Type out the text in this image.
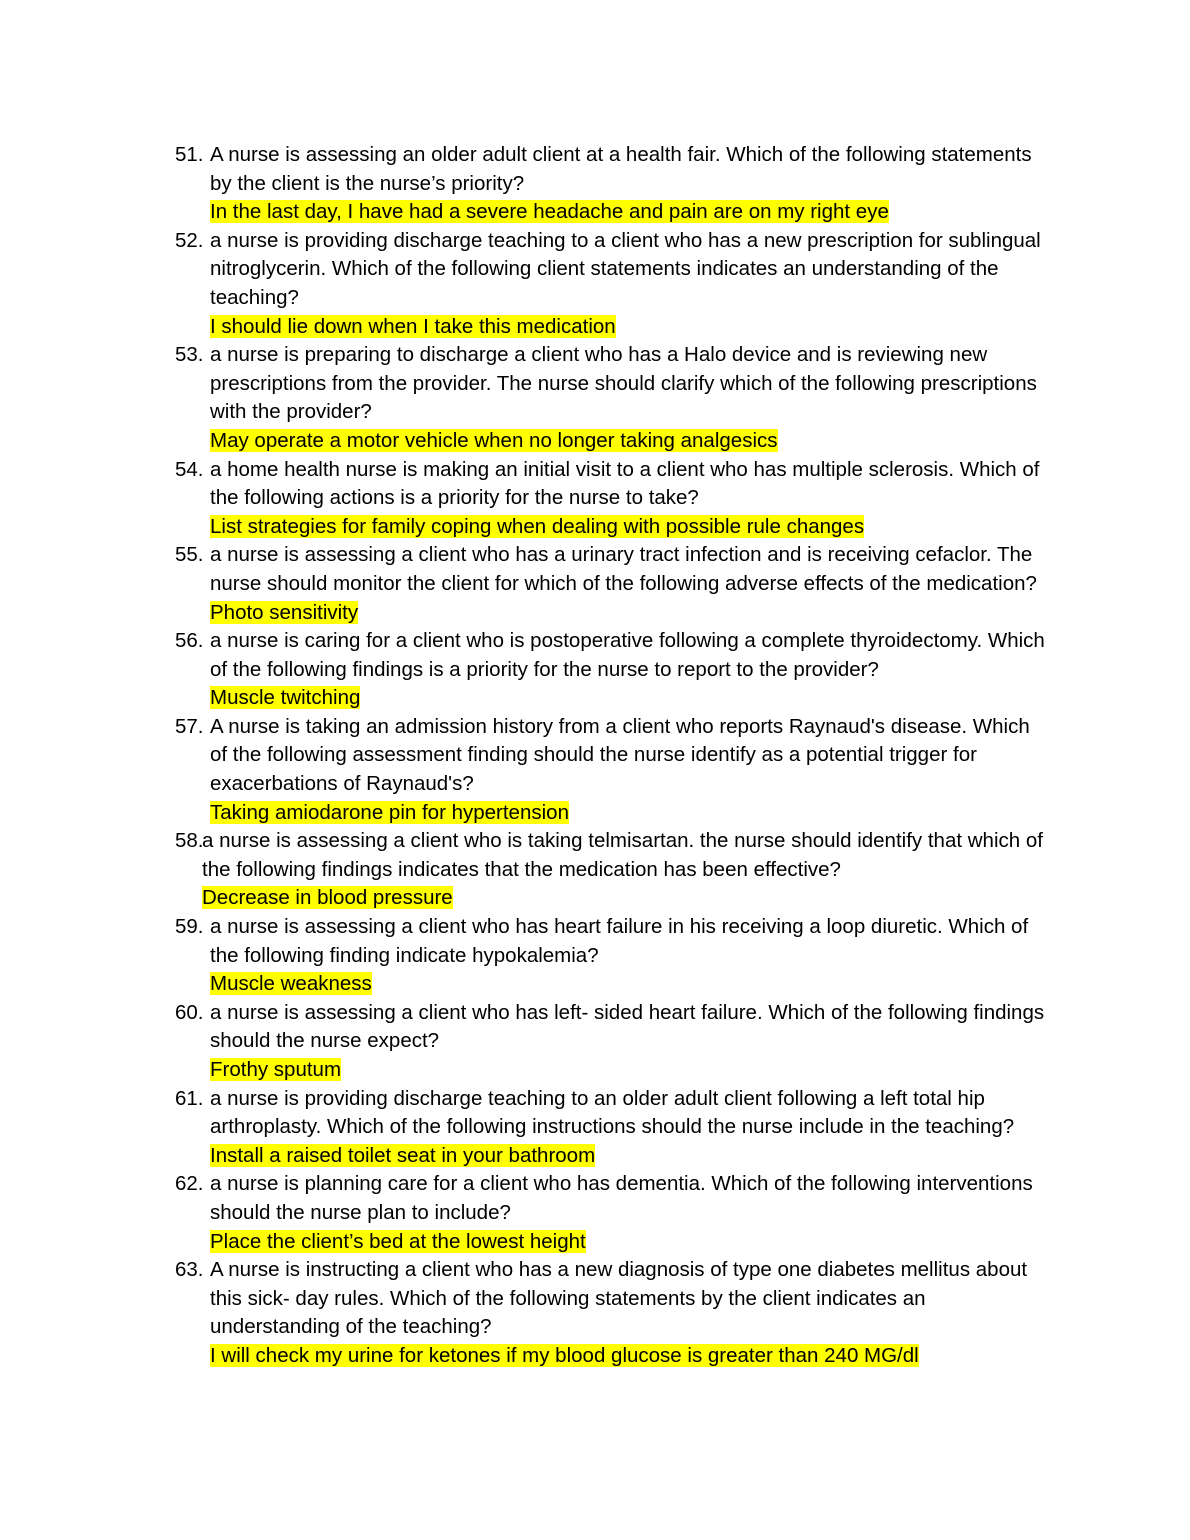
51. A nurse is assessing an older adult client at a health fair. Which of the following statements by the client is the nurse’s priority?
In the last day, I have had a severe headache and pain are on my right eye
52. a nurse is providing discharge teaching to a client who has a new prescription for sublingual nitroglycerin. Which of the following client statements indicates an understanding of the teaching?
I should lie down when I take this medication
53. a nurse is preparing to discharge a client who has a Halo device and is reviewing new prescriptions from the provider. The nurse should clarify which of the following prescriptions with the provider?
May operate a motor vehicle when no longer taking analgesics
54. a home health nurse is making an initial visit to a client who has multiple sclerosis. Which of the following actions is a priority for the nurse to take?
List strategies for family coping when dealing with possible rule changes
55. a nurse is assessing a client who has a urinary tract infection and is receiving cefaclor. The nurse should monitor the client for which of the following adverse effects of the medication? Photo sensitivity
56. a nurse is caring for a client who is postoperative following a complete thyroidectomy. Which of the following findings is a priority for the nurse to report to the provider?
Muscle twitching
57. A nurse is taking an admission history from a client who reports Raynaud's disease. Which of the following assessment finding should the nurse identify as a potential trigger for exacerbations of Raynaud's?
Taking amiodarone pin for hypertension
58.
a nurse is assessing a client who is taking telmisartan. the nurse should identify that which of the following findings indicates that the medication has been effective?
Decrease in blood pressure
59. a nurse is assessing a client who has heart failure in his receiving a loop diuretic. Which of the following finding indicate hypokalemia?
Muscle weakness
60. a nurse is assessing a client who has left- sided heart failure. Which of the following findings should the nurse expect?
Frothy sputum
61. a nurse is providing discharge teaching to an older adult client following a left total hip arthroplasty. Which of the following instructions should the nurse include in the teaching?
Install a raised toilet seat in your bathroom
62. a nurse is planning care for a client who has dementia. Which of the following interventions should the nurse plan to include?
Place the client’s bed at the lowest height
63. A nurse is instructing a client who has a new diagnosis of type one diabetes mellitus about this sick- day rules. Which of the following statements by the client indicates an understanding of the teaching?
I will check my urine for ketones if my blood glucose is greater than 240 MG/dl
